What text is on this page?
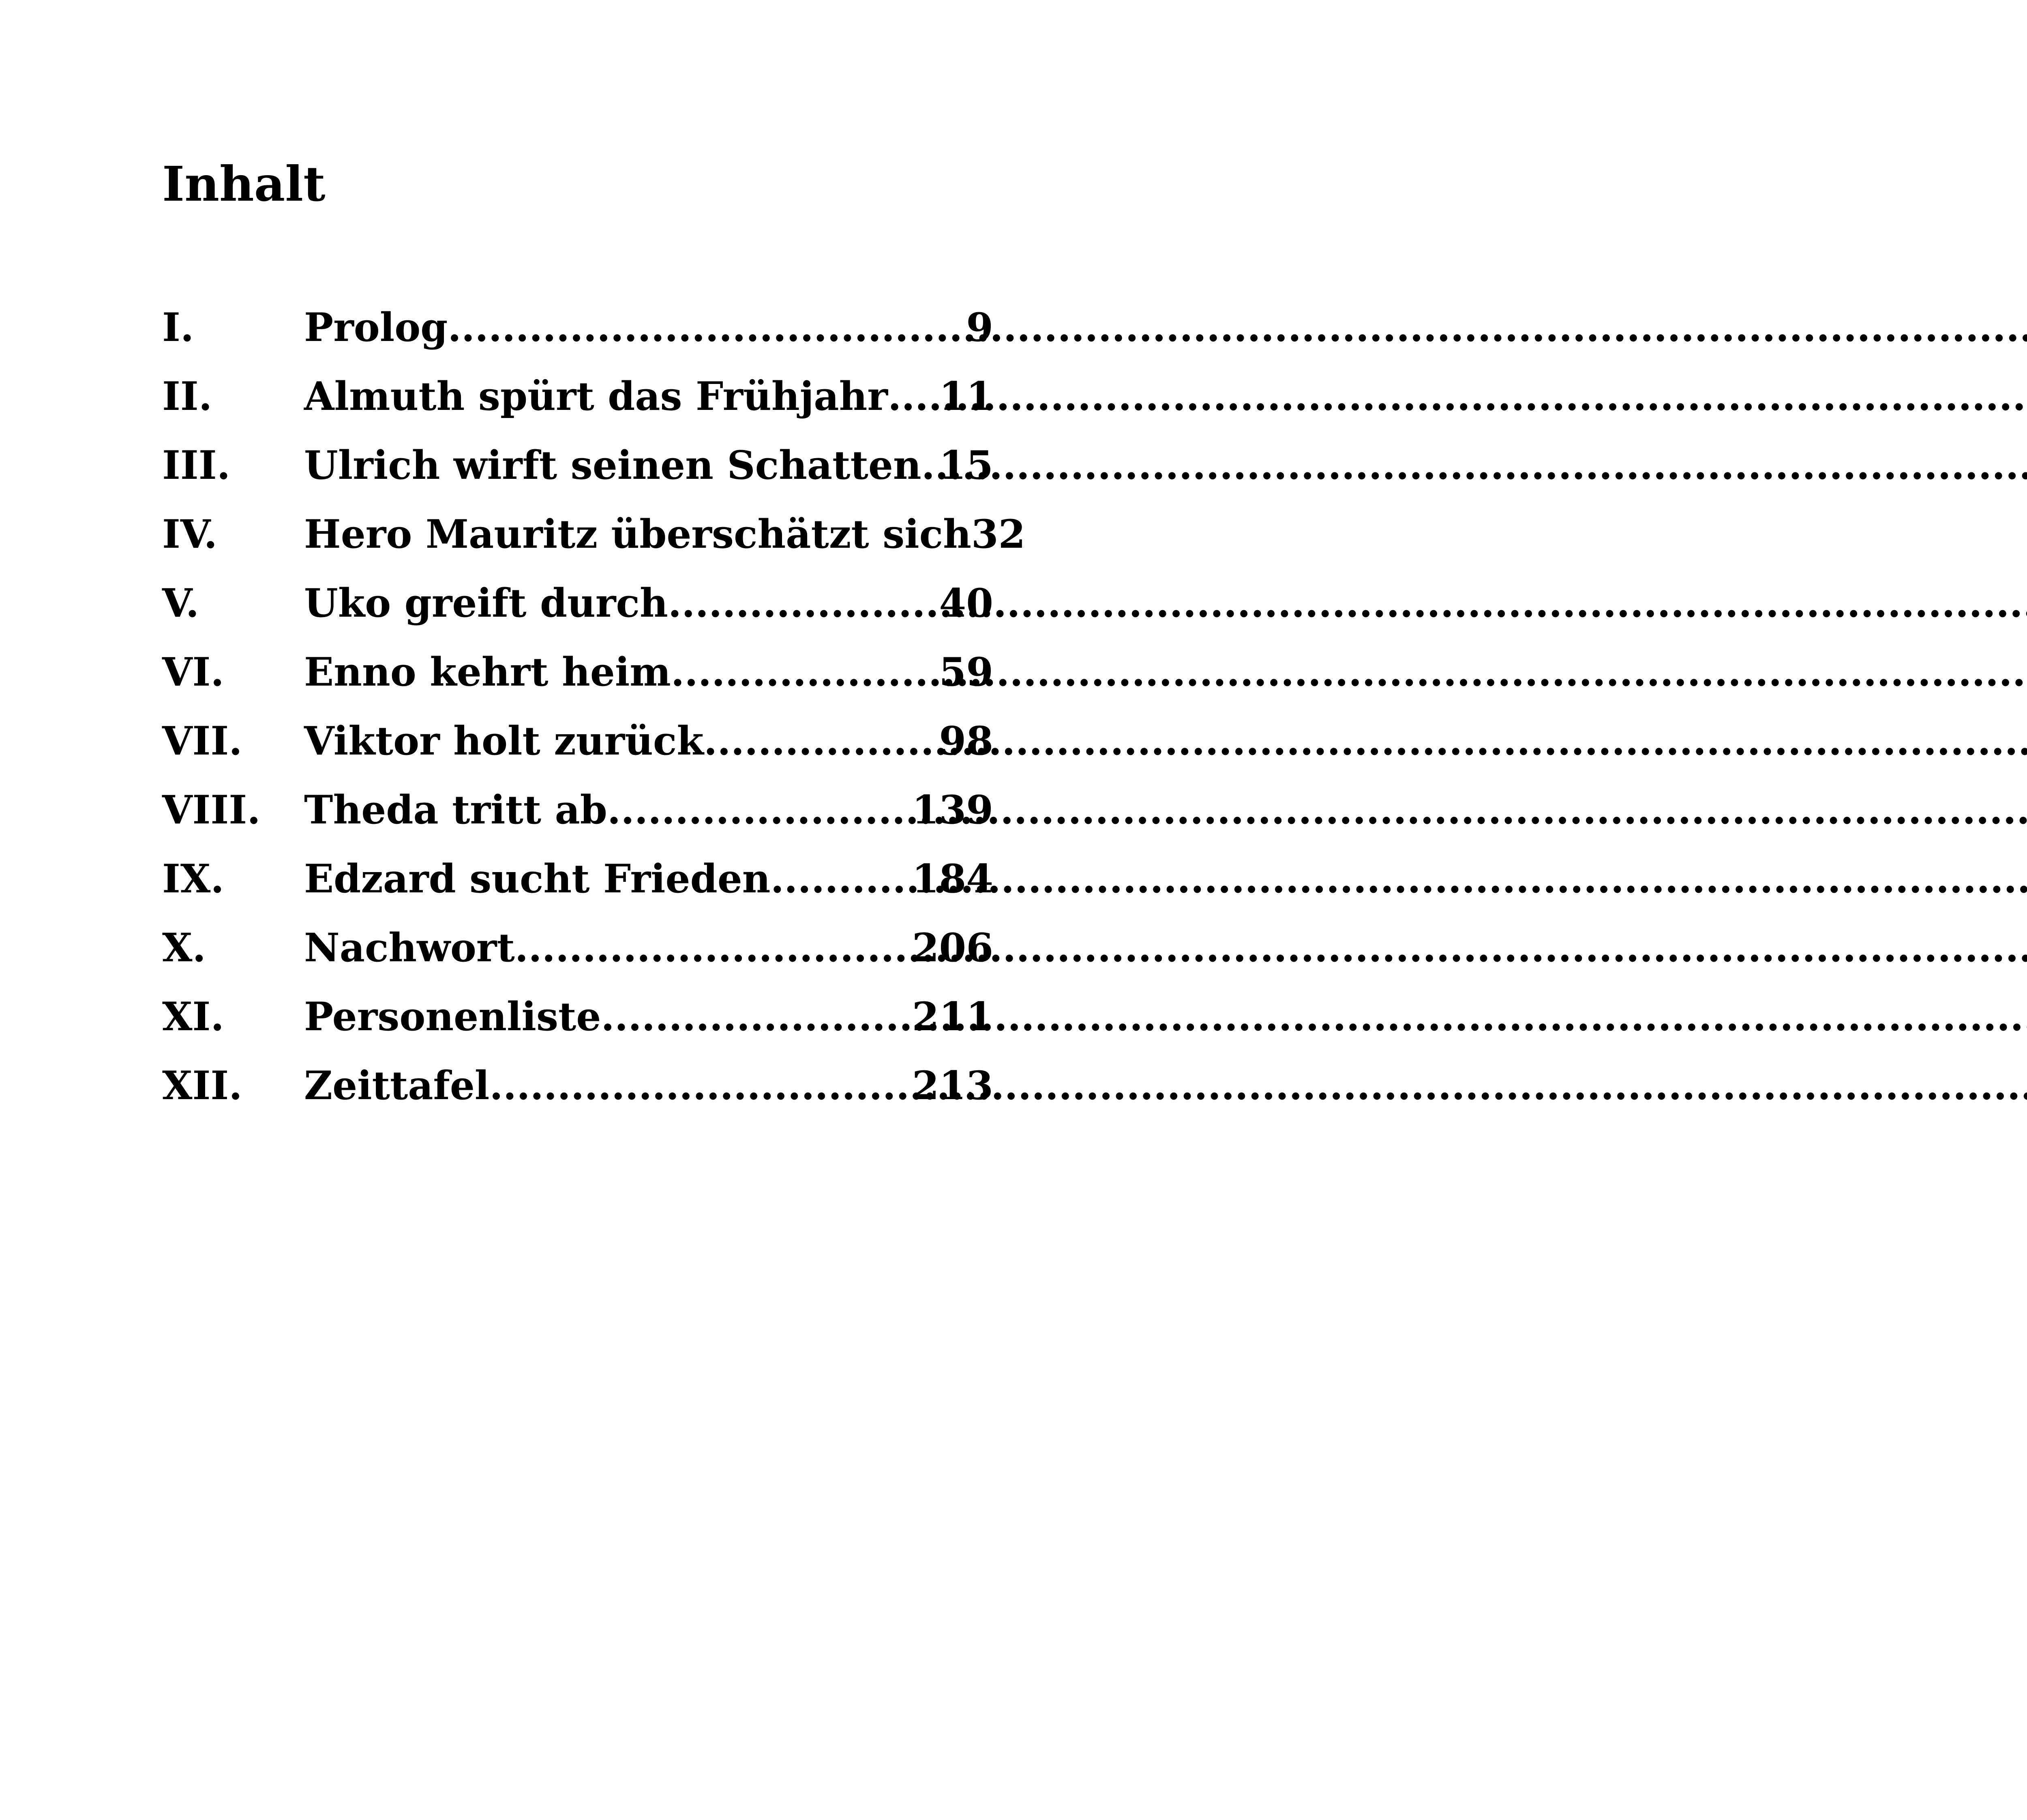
Inhalt
I.	Prolog .....	9
II.	Almuth spürt das Frühjahr ..... 11
III.	Ulrich wirft seinen Schatten ..... 15
IV.	Hero Mauritz überschätzt sich 32
V.	Uko greift durch .....	40
VI.	Enno kehrt heim .....	59
VII.	Viktor holt zurück .....	98
VIII.	Theda tritt ab .....	139
IX.	Edzard sucht Frieden .....	184
X.	Nachwort .....	206
XI.	Personenliste .....	211
XII.	Zeittafel .....	213
